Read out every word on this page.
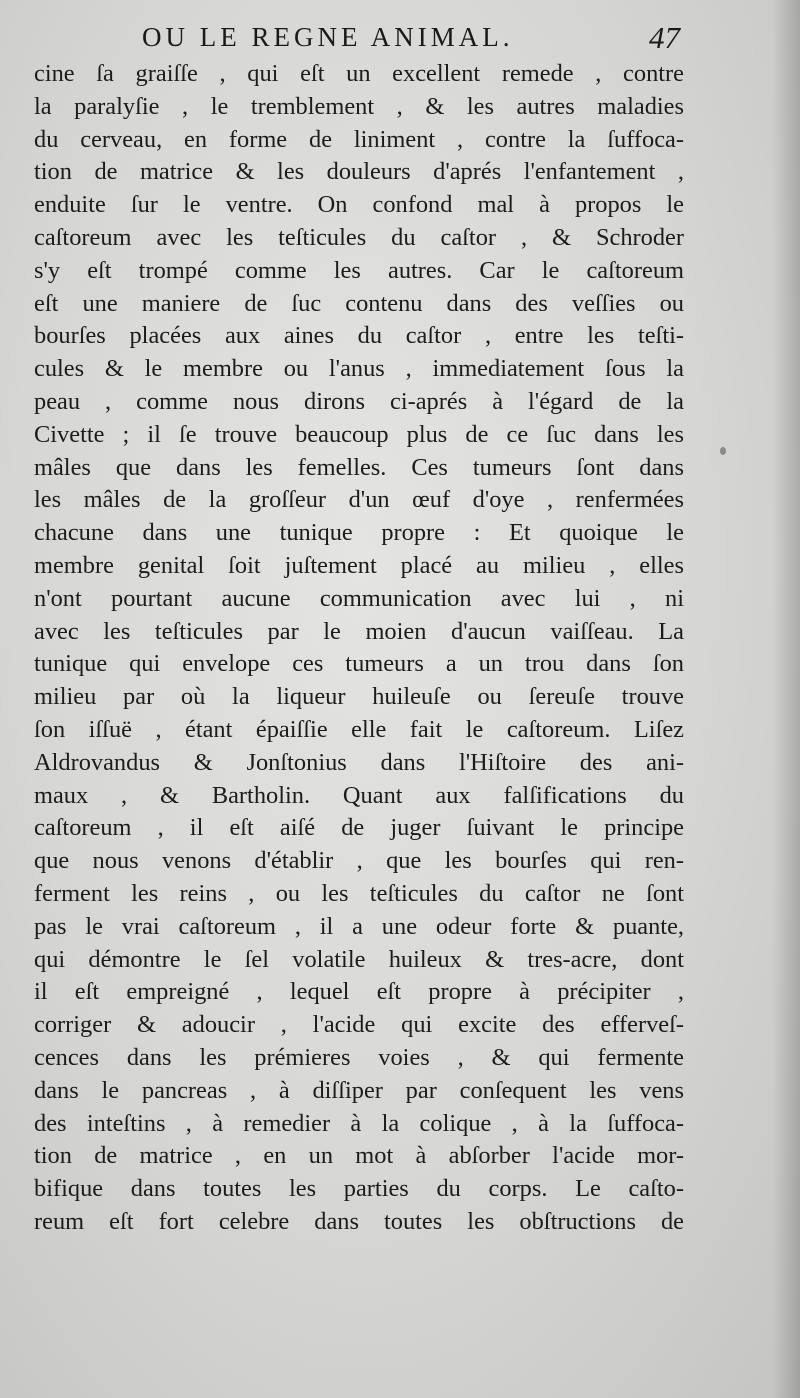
OU LE REGNE ANIMAL.	47
cine ſa graiſſe , qui eſt un excellent remede , contre
la paralyſie , le tremblement , & les autres maladies
du cerveau, en forme de liniment , contre la ſuffoca-
tion de matrice & les douleurs d'aprés l'enfantement ,
enduite ſur le ventre. On confond mal à propos le
caſtoreum avec les teſticules du caſtor , & Schroder
s'y eſt trompé comme les autres. Car le caſtoreum
eſt une maniere de ſuc contenu dans des veſſies ou
bourſes placées aux aines du caſtor , entre les teſti-
cules & le membre ou l'anus , immediatement ſous la
peau , comme nous dirons ci-aprés à l'égard de la
Civette ; il ſe trouve beaucoup plus de ce ſuc dans les
mâles que dans les femelles. Ces tumeurs ſont dans
les mâles de la groſſeur d'un œuf d'oye , renfermées
chacune dans une tunique propre : Et quoique le
membre genital ſoit juſtement placé au milieu , elles
n'ont pourtant aucune communication avec lui , ni
avec les teſticules par le moien d'aucun vaiſſeau. La
tunique qui envelope ces tumeurs a un trou dans ſon
milieu par où la liqueur huileuſe ou ſereuſe trouve
ſon iſſuë , étant épaiſſie elle fait le caſtoreum. Liſez
Aldrovandus & Jonſtonius dans l'Hiſtoire des ani-
maux , & Bartholin. Quant aux falſifications du
caſtoreum , il eſt aiſé de juger ſuivant le principe
que nous venons d'établir , que les bourſes qui ren-
ferment les reins , ou les teſticules du caſtor ne ſont
pas le vrai caſtoreum , il a une odeur forte & puante,
qui démontre le ſel volatile huileux & tres-acre, dont
il eſt empreigné , lequel eſt propre à précipiter ,
corriger & adoucir , l'acide qui excite des efferveſ-
cences dans les prémieres voies , & qui fermente
dans le pancreas , à diſſiper par conſequent les vens
des inteſtins , à remedier à la colique , à la ſuffoca-
tion de matrice , en un mot à abſorber l'acide mor-
bifique dans toutes les parties du corps. Le caſto-
reum eſt fort celebre dans toutes les obſtructions de
